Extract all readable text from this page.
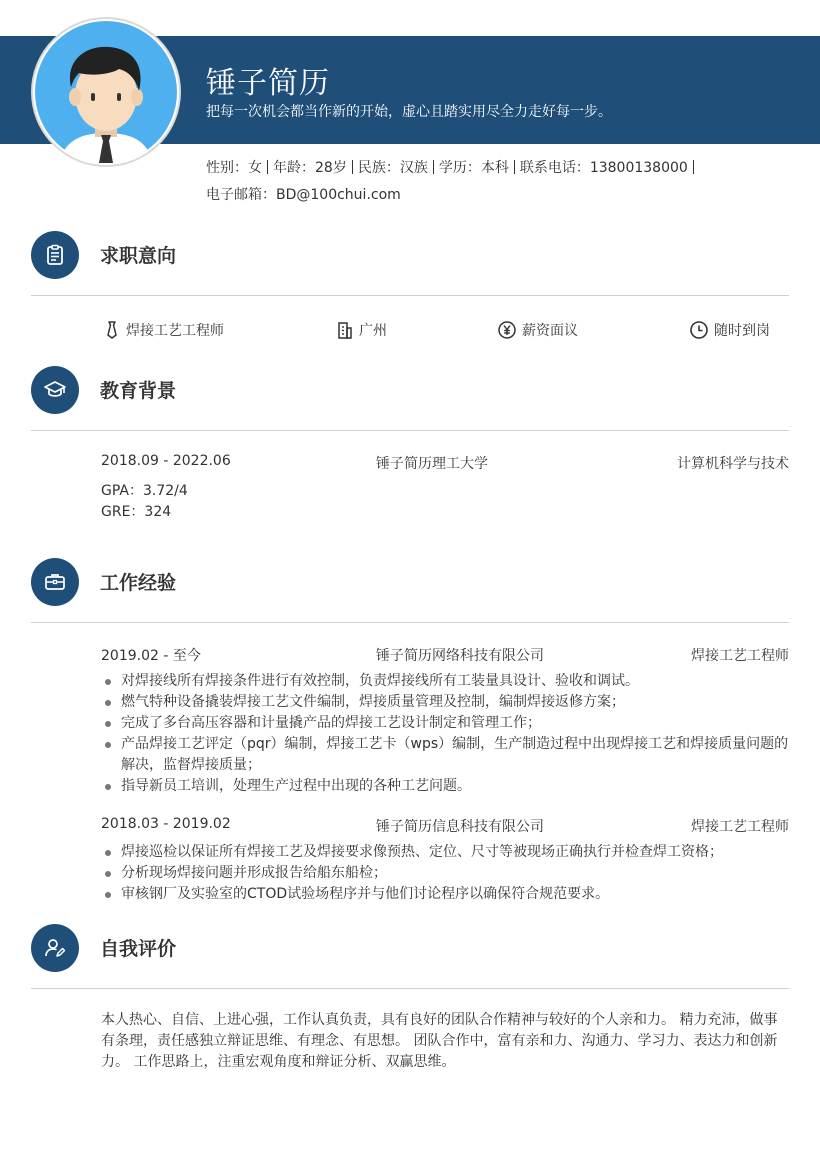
锤子简历
把每一次机会都当作新的开始，虚心且踏实用尽全力走好每一步。
性别：女 年龄：28岁 民族：汉族 学历：本科 联系电话：13800138000
电子邮箱：BD@100chui.com
求职意向
焊接工艺工程师	广州	薪资面议	随时到岗
教育背景
2018.09 - 2022.06	锤子简历理工大学	计算机科学与技术
GPA：3.72/4
GRE：324
工作经验
2019.02 - 至今	锤子简历网络科技有限公司	焊接工艺工程师
对焊接线所有焊接条件进行有效控制，负责焊接线所有工装量具设计、验收和调试。
燃气特种设备撬装焊接工艺文件编制，焊接质量管理及控制，编制焊接返修方案；
完成了多台高压容器和计量撬产品的焊接工艺设计制定和管理工作；
产品焊接工艺评定（pqr）编制，焊接工艺卡（wps）编制，生产制造过程中出现焊接工艺和焊接质量问题的解决，监督焊接质量；
指导新员工培训，处理生产过程中出现的各种工艺问题。
2018.03 - 2019.02	锤子简历信息科技有限公司	焊接工艺工程师
焊接巡检以保证所有焊接工艺及焊接要求像预热、定位、尺寸等被现场正确执行并检查焊工资格；
分析现场焊接问题并形成报告给船东船检；
审核钢厂及实验室的CTOD试验场程序并与他们讨论程序以确保符合规范要求。
自我评价
本人热心、自信、上进心强，工作认真负责，具有良好的团队合作精神与较好的个人亲和力。 精力充沛，做事有条理，责任感独立辩证思维、有理念、有思想。 团队合作中，富有亲和力、沟通力、学习力、表达力和创新力。 工作思路上，注重宏观角度和辩证分析、双赢思维。
